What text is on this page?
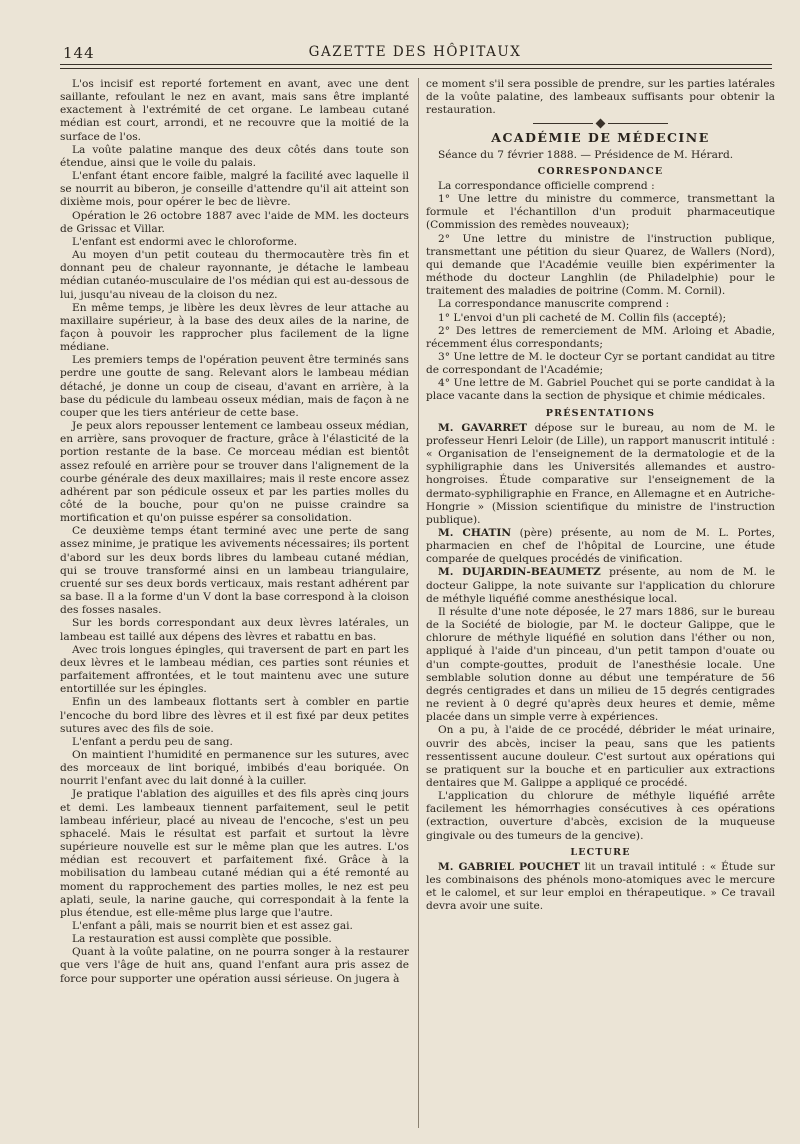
144	GAZETTE DES HÔPITAUX

L'os incisif est reporté fortement en avant, avec une dent saillante, refoulant le nez en avant, mais sans être implanté exactement à l'extrémité de cet organe. Le lambeau cutané médian est court, arrondi, et ne recouvre que la moitié de la surface de l'os.

La voûte palatine manque des deux côtés dans toute son étendue, ainsi que le voile du palais.

L'enfant étant encore faible, malgré la facilité avec laquelle il se nourrit au biberon, je conseille d'attendre qu'il ait atteint son dixième mois, pour opérer le bec de lièvre.

Opération le 26 octobre 1887 avec l'aide de MM. les docteurs de Grissac et Villar.

L'enfant est endormi avec le chloroforme.

Au moyen d'un petit couteau du thermocautère très fin et donnant peu de chaleur rayonnante, je détache le lambeau médian cutanéo-musculaire de l'os médian qui est au-dessous de lui, jusqu'au niveau de la cloison du nez.

En même temps, je libère les deux lèvres de leur attache au maxillaire supérieur, à la base des deux ailes de la narine, de façon à pouvoir les rapprocher plus facilement de la ligne médiane.

Les premiers temps de l'opération peuvent être terminés sans perdre une goutte de sang. Relevant alors le lambeau médian détaché, je donne un coup de ciseau, d'avant en arrière, à la base du pédicule du lambeau osseux médian, mais de façon à ne couper que les tiers antérieur de cette base.

Je peux alors repousser lentement ce lambeau osseux médian, en arrière, sans provoquer de fracture, grâce à l'élasticité de la portion restante de la base. Ce morceau médian est bientôt assez refoulé en arrière pour se trouver dans l'alignement de la courbe générale des deux maxillaires; mais il reste encore assez adhérent par son pédicule osseux et par les parties molles du côté de la bouche, pour qu'on ne puisse craindre sa mortification et qu'on puisse espérer sa consolidation.

Ce deuxième temps étant terminé avec une perte de sang assez minime, je pratique les avivements nécessaires; ils portent d'abord sur les deux bords libres du lambeau cutané médian, qui se trouve transformé ainsi en un lambeau triangulaire, cruenté sur ses deux bords verticaux, mais restant adhérent par sa base. Il a la forme d'un V dont la base correspond à la cloison des fosses nasales.

Sur les bords correspondant aux deux lèvres latérales, un lambeau est taillé aux dépens des lèvres et rabattu en bas.

Avec trois longues épingles, qui traversent de part en part les deux lèvres et le lambeau médian, ces parties sont réunies et parfaitement affrontées, et le tout maintenu avec une suture entortillée sur les épingles.

Enfin un des lambeaux flottants sert à combler en partie l'encoche du bord libre des lèvres et il est fixé par deux petites sutures avec des fils de soie.

L'enfant a perdu peu de sang.

On maintient l'humidité en permanence sur les sutures, avec des morceaux de lint boriqué, imbibés d'eau boriquée. On nourrit l'enfant avec du lait donné à la cuiller.

Je pratique l'ablation des aiguilles et des fils après cinq jours et demi. Les lambeaux tiennent parfaitement, seul le petit lambeau inférieur, placé au niveau de l'encoche, s'est un peu sphacelé. Mais le résultat est parfait et surtout la lèvre supérieure nouvelle est sur le même plan que les autres. L'os médian est recouvert et parfaitement fixé. Grâce à la mobilisation du lambeau cutané médian qui a été remonté au moment du rapprochement des parties molles, le nez est peu aplati, seule, la narine gauche, qui correspondait à la fente la plus étendue, est elle-même plus large que l'autre.

L'enfant a pâli, mais se nourrit bien et est assez gai.

La restauration est aussi complète que possible.

Quant à la voûte palatine, on ne pourra songer à la restaurer que vers l'âge de huit ans, quand l'enfant aura pris assez de force pour supporter une opération aussi sérieuse. On jugera à

ce moment s'il sera possible de prendre, sur les parties latérales de la voûte palatine, des lambeaux suffisants pour obtenir la restauration.

ACADÉMIE DE MÉDECINE

Séance du 7 février 1888. — Présidence de M. Hérard.

CORRESPONDANCE

La correspondance officielle comprend :

1° Une lettre du ministre du commerce, transmettant la formule et l'échantillon d'un produit pharmaceutique (Commission des remèdes nouveaux);

2° Une lettre du ministre de l'instruction publique, transmettant une pétition du sieur Quarez, de Wallers (Nord), qui demande que l'Académie veuille bien expérimenter la méthode du docteur Langhlin (de Philadelphie) pour le traitement des maladies de poitrine (Comm. M. Cornil).

La correspondance manuscrite comprend :

1° L'envoi d'un pli cacheté de M. Collin fils (accepté);

2° Des lettres de remerciement de MM. Arloing et Abadie, récemment élus correspondants;

3° Une lettre de M. le docteur Cyr se portant candidat au titre de correspondant de l'Académie;

4° Une lettre de M. Gabriel Pouchet qui se porte candidat à la place vacante dans la section de physique et chimie médicales.

PRÉSENTATIONS

M. GAVARRET dépose sur le bureau, au nom de M. le professeur Henri Leloir (de Lille), un rapport manuscrit intitulé : « Organisation de l'enseignement de la dermatologie et de la syphiligraphie dans les Universités allemandes et austro-hongroises. Étude comparative sur l'enseignement de la dermato-syphiligraphie en France, en Allemagne et en Autriche-Hongrie » (Mission scientifique du ministre de l'instruction publique).

M. CHATIN (père) présente, au nom de M. L. Portes, pharmacien en chef de l'hôpital de Lourcine, une étude comparée de quelques procédés de vinification.

M. DUJARDIN-BEAUMETZ présente, au nom de M. le docteur Galippe, la note suivante sur l'application du chlorure de méthyle liquéfié comme anesthésique local.

Il résulte d'une note déposée, le 27 mars 1886, sur le bureau de la Société de biologie, par M. le docteur Galippe, que le chlorure de méthyle liquéfié en solution dans l'éther ou non, appliqué à l'aide d'un pinceau, d'un petit tampon d'ouate ou d'un compte-gouttes, produit de l'anesthésie locale. Une semblable solution donne au début une température de 56 degrés centigrades et dans un milieu de 15 degrés centigrades ne revient à 0 degré qu'après deux heures et demie, même placée dans un simple verre à expériences.

On a pu, à l'aide de ce procédé, débrider le méat urinaire, ouvrir des abcès, inciser la peau, sans que les patients ressentissent aucune douleur. C'est surtout aux opérations qui se pratiquent sur la bouche et en particulier aux extractions dentaires que M. Galippe a appliqué ce procédé.

L'application du chlorure de méthyle liquéfié arrête facilement les hémorrhagies consécutives à ces opérations (extraction, ouverture d'abcès, excision de la muqueuse gingivale ou des tumeurs de la gencive).

LECTURE

M. GABRIEL POUCHET lit un travail intitulé : « Étude sur les combinaisons des phénols mono-atomiques avec le mercure et le calomel, et sur leur emploi en thérapeutique. » Ce travail devra avoir une suite.
